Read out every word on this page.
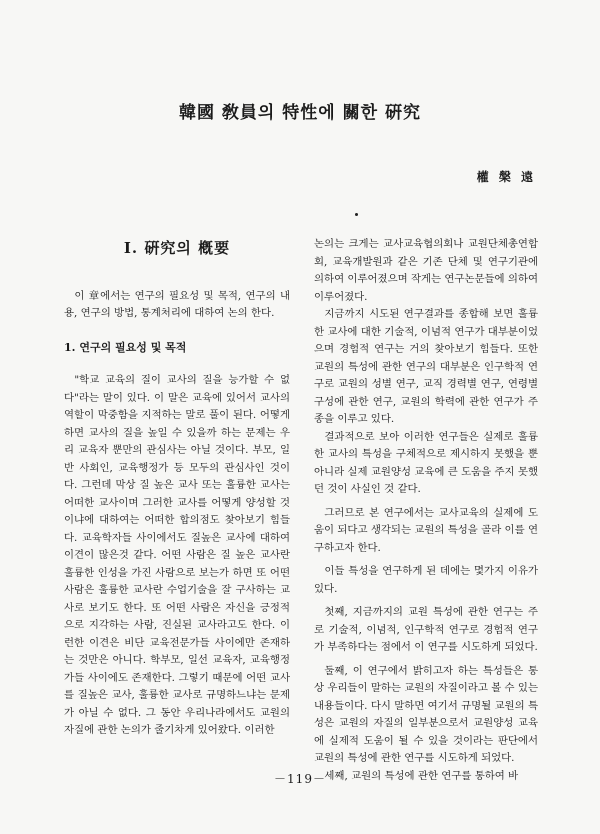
韓國 敎員의 特性에 關한 硏究
權 槃 遠
Ⅰ. 硏究의 槪要

이 章에서는 연구의 필요성 및 목적, 연구의 내용, 연구의 방법, 통계처리에 대하여 논의 한다.

1. 연구의 필요성 및 목적

"학교 교육의 질이 교사의 질을 능가할 수 없다"라는 말이 있다. 이 말은 교육에 있어서 교사의 역할이 막중함을 지적하는 말로 풀이 된다. 어떻게 하면 교사의 질을 높일 수 있을까 하는 문제는 우리 교육자 뿐만의 관심사는 아닐 것이다. 부모, 일반 사회인, 교육행정가 등 모두의 관심사인 것이다. 그런데 막상 질 높은 교사 또는 훌륭한 교사는 어떠한 교사이며 그러한 교사를 어떻게 양성할 것이냐에 대하여는 어떠한 합의점도 찾아보기 힘들다. 교육학자들 사이에서도 질높은 교사에 대하여 이견이 많은것 같다. 어떤 사람은 질 높은 교사란 훌륭한 인성을 가진 사람으로 보는가 하면 또 어떤 사람은 훌륭한 교사란 수업기술을 잘 구사하는 교사로 보기도 한다. 또 어떤 사람은 자신을 긍정적으로 지각하는 사람, 진실된 교사라고도 한다. 이런한 이견은 비단 교육전문가들 사이에만 존재하는 것만은 아니다. 학부모, 일선 교육자, 교육행정가들 사이에도 존재한다. 그렇기 때문에 어떤 교사를 질높은 교사, 훌륭한 교사로 규명하느냐는 문제가 아닐 수 없다. 그 동안 우리나라에서도 교원의 자질에 관한 논의가 줄기차게 있어왔다. 이러한

논의는 크게는 교사교육협의회나 교원단체총연합회, 교육개발원과 같은 기존 단체 및 연구기관에 의하여 이루어졌으며 작게는 연구논문들에 의하여 이루어졌다.

지금까지 시도된 연구결과를 종합해 보면 훌륭한 교사에 대한 기술적, 이념적 연구가 대부분이었으며 경험적 연구는 거의 찾아보기 힘들다. 또한 교원의 특성에 관한 연구의 대부분은 인구학적 연구로 교원의 성별 연구, 교직 경력별 연구, 연령별 구성에 관한 연구, 교원의 학력에 관한 연구가 주종을 이루고 있다.

결과적으로 보아 이러한 연구들은 실제로 훌륭한 교사의 특성을 구체적으로 제시하지 못했을 뿐 아니라 실제 교원양성 교육에 큰 도움을 주지 못했던 것이 사실인 것 같다.

그러므로 본 연구에서는 교사교육의 실제에 도움이 되다고 생각되는 교원의 특성을 골라 이를 연구하고자 한다.

이들 특성을 연구하게 된 데에는 몇가지 이유가 있다.

첫째, 지금까지의 교원 특성에 관한 연구는 주로 기술적, 이념적, 인구학적 연구로 경험적 연구가 부족하다는 점에서 이 연구를 시도하게 되었다.

둘째, 이 연구에서 밝히고자 하는 특성들은 통상 우리들이 말하는 교원의 자질이라고 볼 수 있는 내용들이다. 다시 말하면 여기서 규명될 교원의 특성은 교원의 자질의 일부분으로서 교원양성 교육에 실제적 도움이 될 수 있을 것이라는 판단에서 교원의 특성에 관한 연구를 시도하게 되었다.

세째, 교원의 특성에 관한 연구를 통하여 바

－119－
